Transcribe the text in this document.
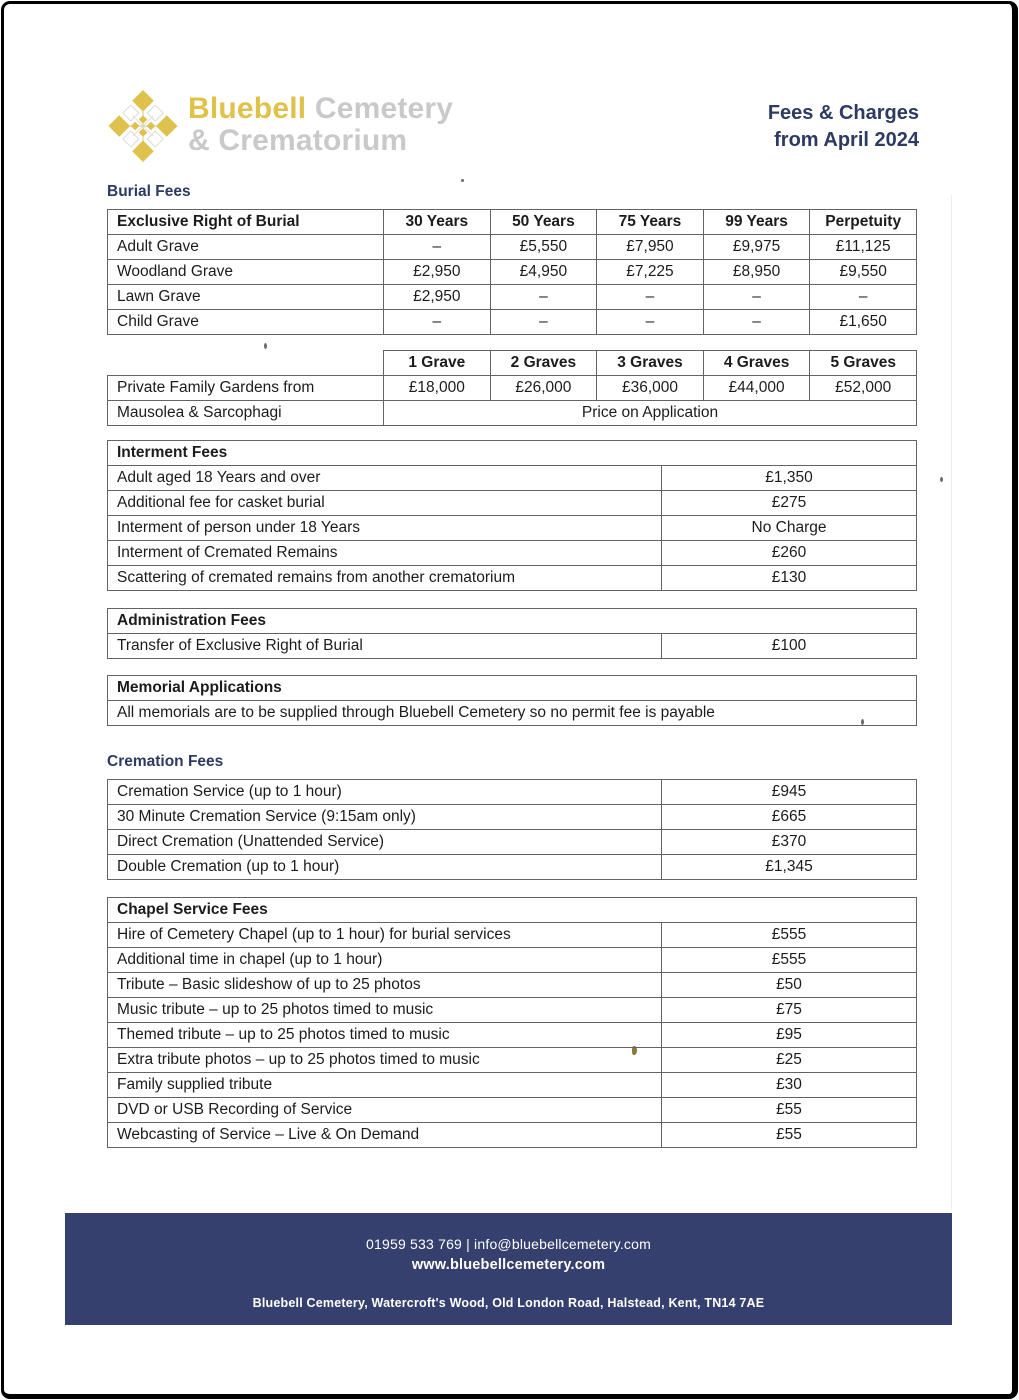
Bluebell Cemetery
& Crematorium
Fees & Charges
from April 2024
Burial Fees
Exclusive Right of Burial	30 Years	50 Years	75 Years	99 Years	Perpetuity
Adult Grave	–	£5,550	£7,950	£9,975	£11,125
Woodland Grave	£2,950	£4,950	£7,225	£8,950	£9,550
Lawn Grave	£2,950	–	–	–	–
Child Grave	–	–	–	–	£1,650
	1 Grave	2 Graves	3 Graves	4 Graves	5 Graves
Private Family Gardens from	£18,000	£26,000	£36,000	£44,000	£52,000
Mausolea & Sarcophagi	Price on Application				
Interment Fees	
Adult aged 18 Years and over	£1,350
Additional fee for casket burial	£275
Interment of person under 18 Years	No Charge
Interment of Cremated Remains	£260
Scattering of cremated remains from another crematorium	£130
Administration Fees
Transfer of Exclusive Right of Burial	£100
Memorial Applications
All memorials are to be supplied through Bluebell Cemetery so no permit fee is payable
Cremation Fees
Cremation Service (up to 1 hour)	£945
30 Minute Cremation Service (9:15am only)	£665
Direct Cremation (Unattended Service)	£370
Double Cremation (up to 1 hour)	£1,345
Chapel Service Fees	
Hire of Cemetery Chapel (up to 1 hour) for burial services	£555
Additional time in chapel (up to 1 hour)	£555
Tribute – Basic slideshow of up to 25 photos	£50
Music tribute – up to 25 photos timed to music	£75
Themed tribute – up to 25 photos timed to music	£95
Extra tribute photos – up to 25 photos timed to music	£25
Family supplied tribute	£30
DVD or USB Recording of Service	£55
Webcasting of Service – Live & On Demand	£55
01959 533 769 | info@bluebellcemetery.com
www.bluebellcemetery.com
Bluebell Cemetery, Watercroft's Wood, Old London Road, Halstead, Kent, TN14 7AE
